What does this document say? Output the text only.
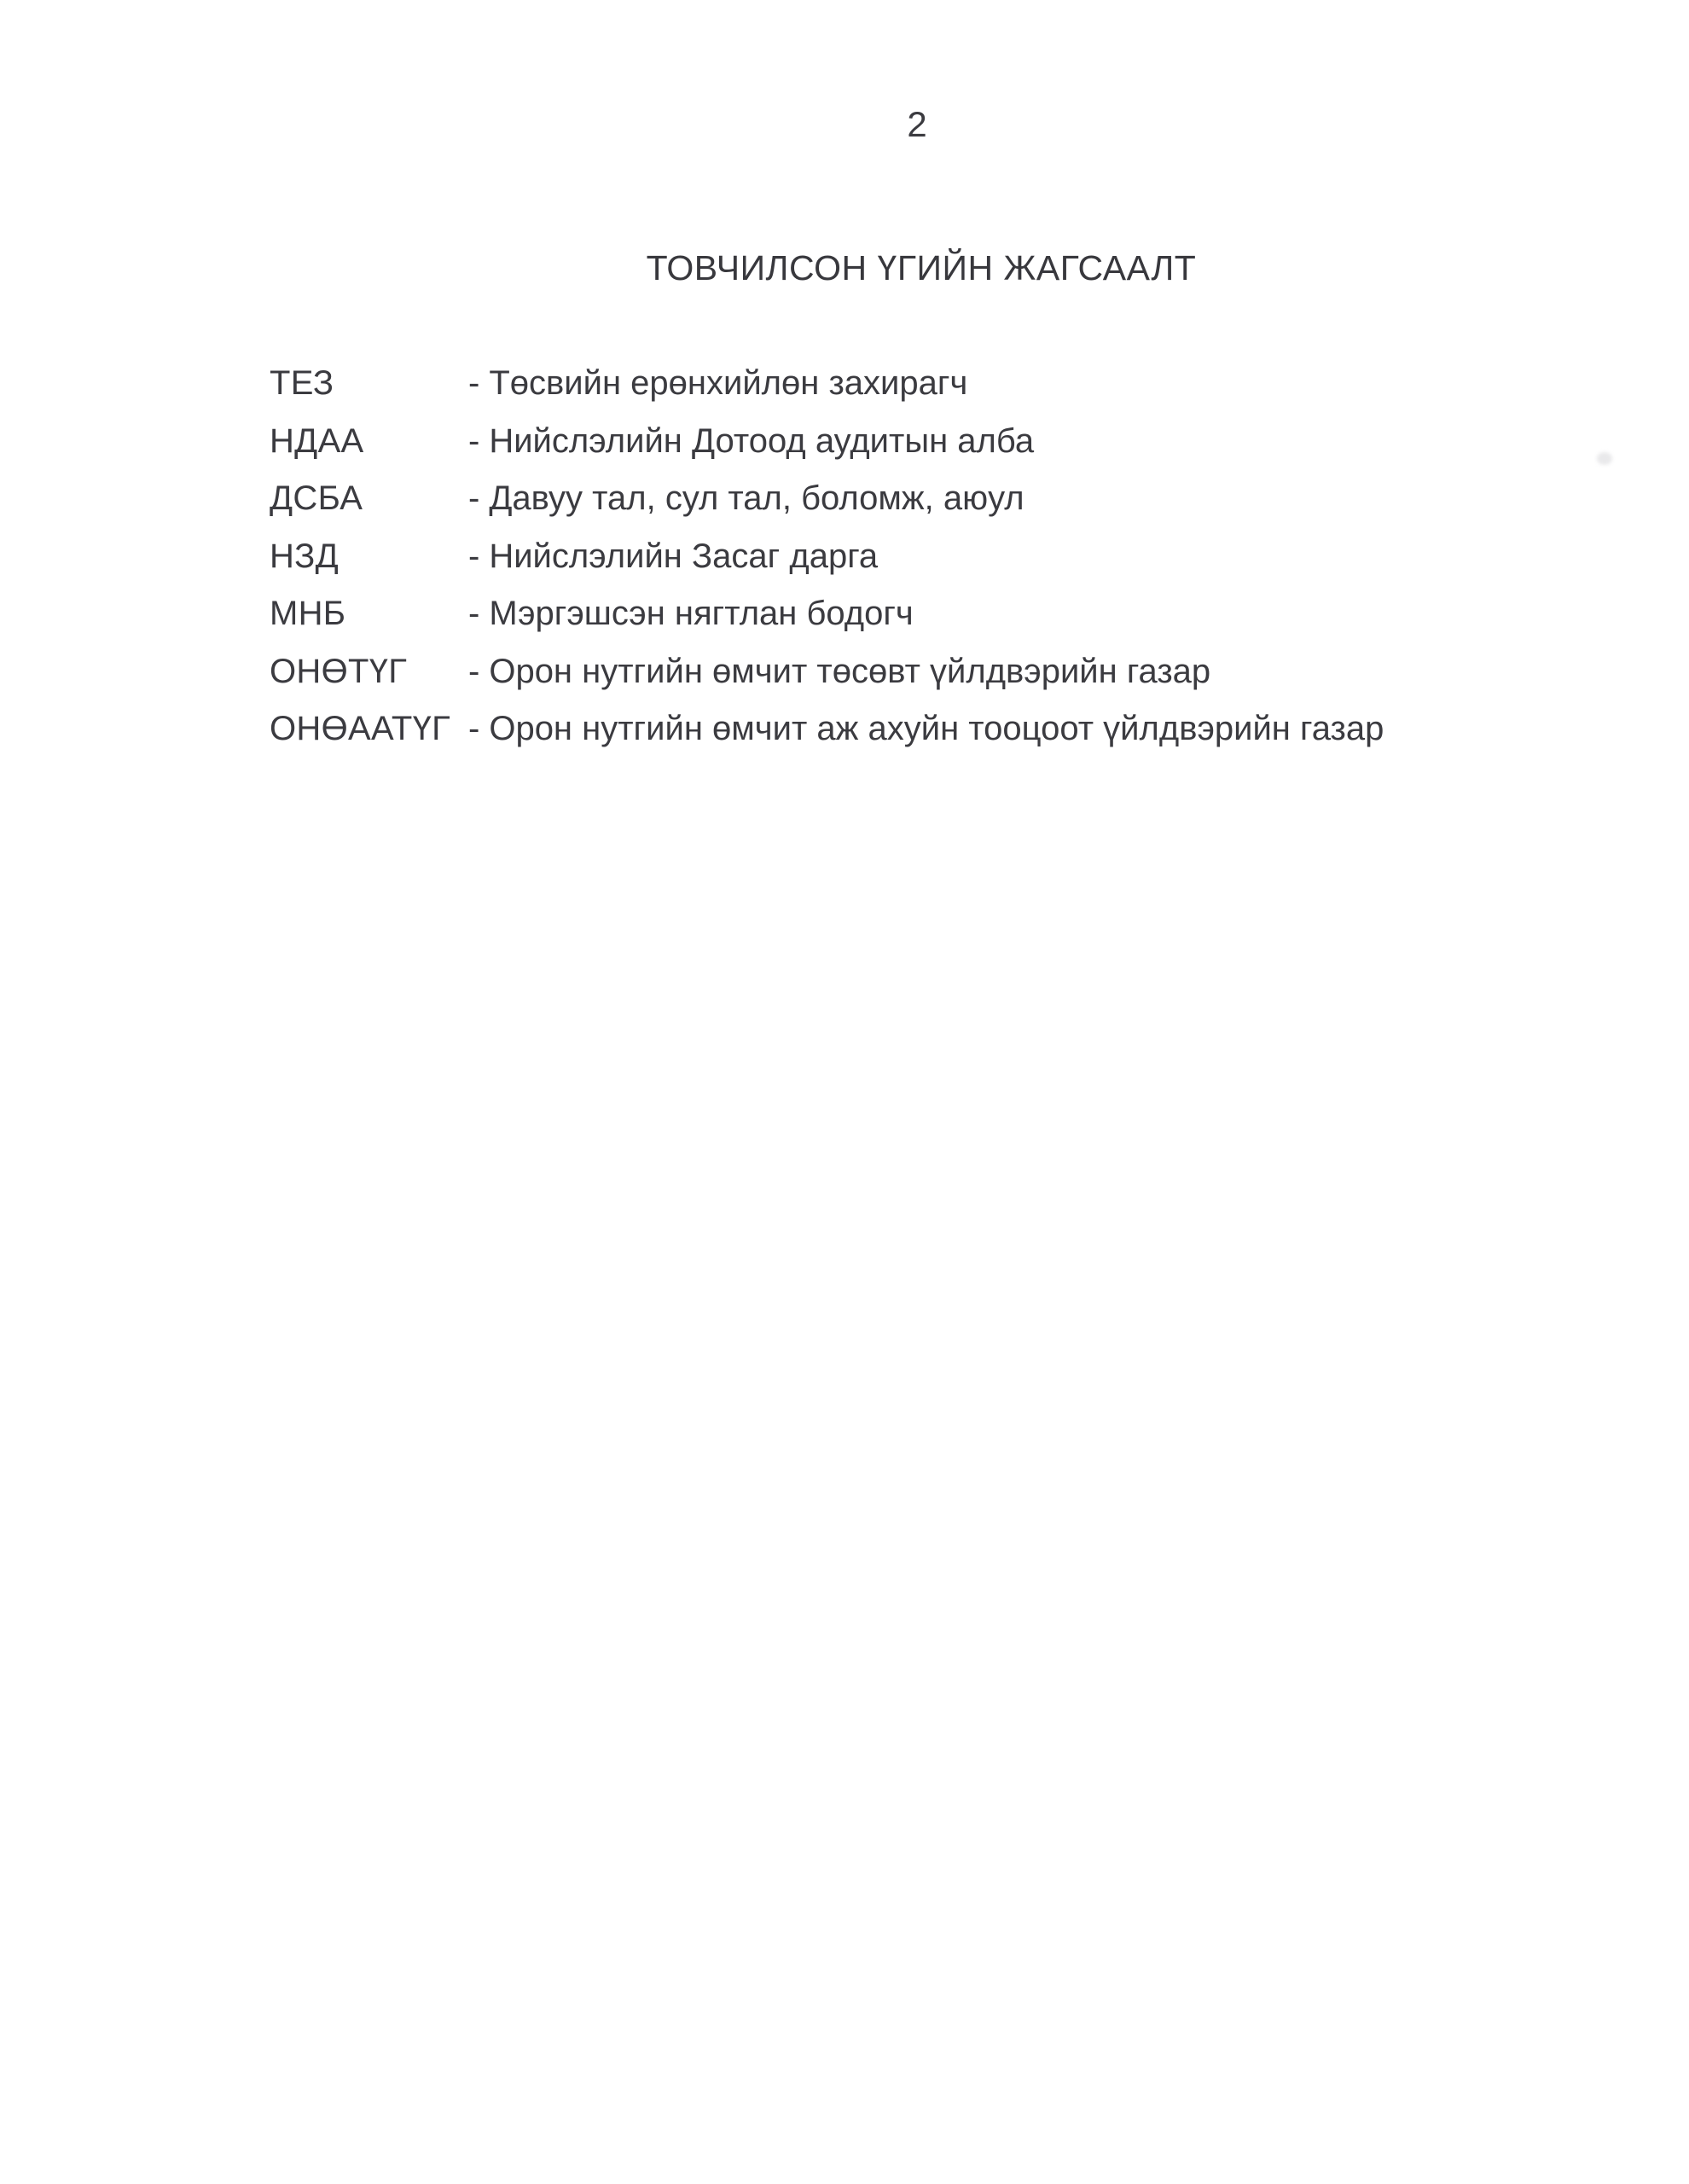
2
ТОВЧИЛСОН ҮГИЙН ЖАГСААЛТ
ТЕЗ	- Төсвийн ерөнхийлөн захирагч
НДАА	- Нийслэлийн Дотоод аудитын алба
ДСБА	- Давуу тал, сул тал, боломж, аюул
НЗД	- Нийслэлийн Засаг дарга
МНБ	- Мэргэшсэн нягтлан бодогч
ОНӨТҮГ	- Орон нутгийн өмчит төсөвт үйлдвэрийн газар
ОНӨААТҮГ - Орон нутгийн өмчит аж ахуйн тооцоот үйлдвэрийн газар
